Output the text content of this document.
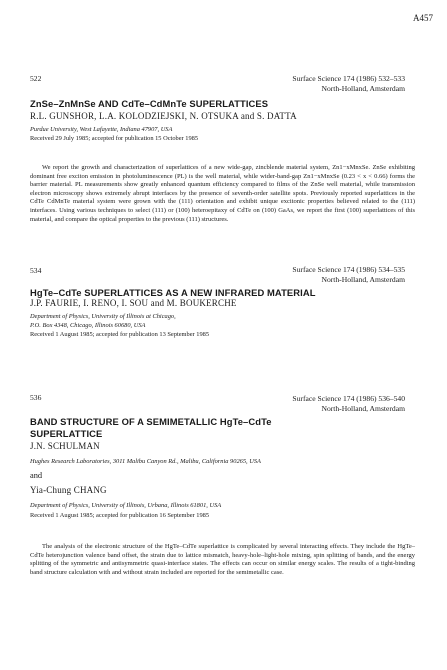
A457
522	Surface Science 174 (1986) 532–533
North-Holland, Amsterdam
ZnSe–ZnMnSe AND CdTe–CdMnTe SUPERLATTICES
R.L. GUNSHOR, L.A. KOLODZIEJSKI, N. OTSUKA and S. DATTA
Purdue University, West Lafayette, Indiana 47907, USA
Received 29 July 1985; accepted for publication 15 October 1985

We report the growth and characterization of superlattices of a new wide-gap, zincblende material system, Zn1−xMnxSe. ZnSe exhibiting dominant free exciton emission in photoluminescence (PL) is the well material, while wider-band-gap Zn1−xMnxSe (0.23 < x < 0.66) forms the barrier material. PL measurements show greatly enhanced quantum efficiency compared to films of the ZnSe well material, while transmission electron microscopy shows extremely abrupt interfaces by the presence of seventh-order satellite spots. Previously reported superlattices in the CdTe CdMnTe material system were grown with the (111) orientation and exhibit unique excitonic properties believed related to the (111) interfaces. Using various techniques to select (111) or (100) heteroepitaxy of CdTe on (100) GaAs, we report the first (100) superlattices of this material, and compare the optical properties to the previous (111) structures.

534	Surface Science 174 (1986) 534–535
North-Holland, Amsterdam
HgTe–CdTe SUPERLATTICES AS A NEW INFRARED MATERIAL
J.P. FAURIE, I. RENO, I. SOU and M. BOUKERCHE
Department of Physics, University of Illinois at Chicago,
P.O. Box 4348, Chicago, Illinois 60680, USA
Received 1 August 1985; accepted for publication 13 September 1985
536	Surface Science 174 (1986) 536–540
North-Holland, Amsterdam
BAND STRUCTURE OF A SEMIMETALLIC HgTe–CdTe
SUPERLATTICE
J.N. SCHULMAN
Hughes Research Laboratories, 3011 Malibu Canyon Rd., Malibu, California 90265, USA
and
Yia-Chung CHANG
Department of Physics, University of Illinois, Urbana, Illinois 61801, USA
Received 1 August 1985; accepted for publication 16 September 1985

The analysis of the electronic structure of the HgTe–CdTe superlattice is complicated by several interacting effects. They include the HgTe–CdTe heterojunction valence band offset, the strain due to lattice mismatch, heavy-hole–light-hole mixing, spin splitting of bands, and the energy splitting of the symmetric and antisymmetric quasi-interface states. The effects can occur on similar energy scales. The results of a tight-binding band structure calculation with and without strain included are reported for the semimetallic case.
